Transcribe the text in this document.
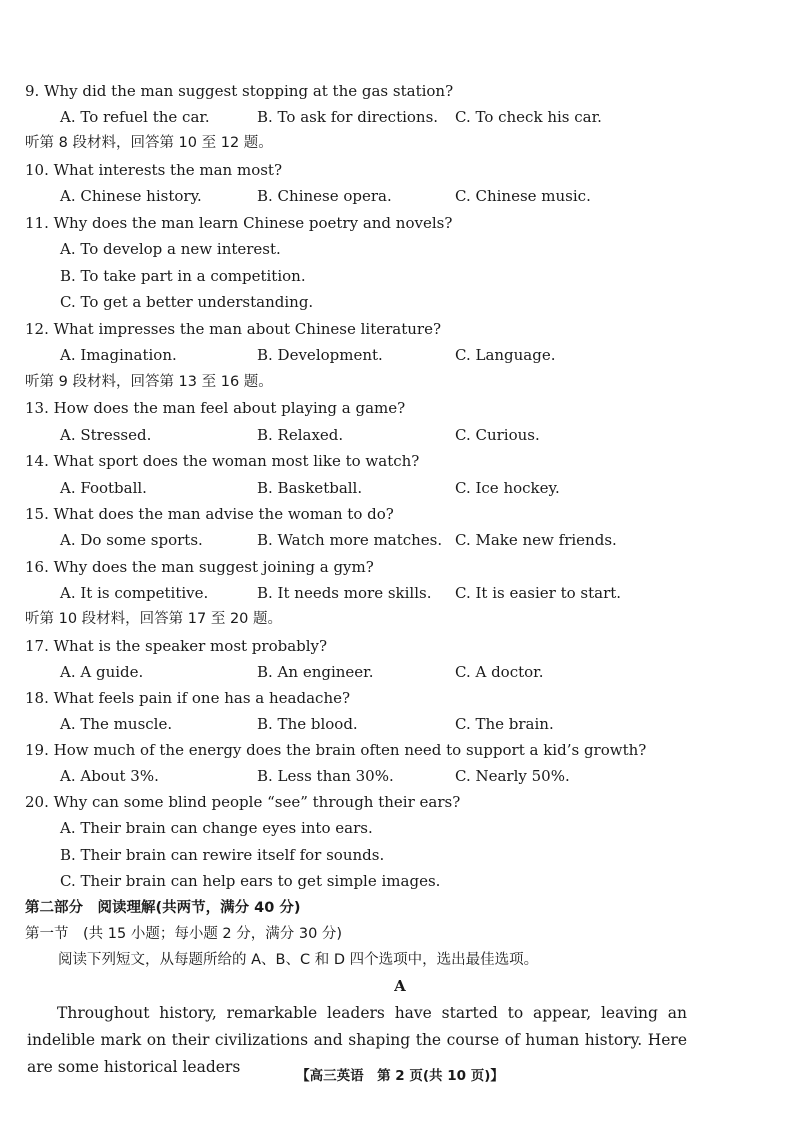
9. Why did the man suggest stopping at the gas station?
A. To refuel the car.	B. To ask for directions. C. To check his car.
听第 8 段材料，回答第 10 至 12 题。
10. What interests the man most?
A. Chinese history.	B. Chinese opera.	C. Chinese music.
11. Why does the man learn Chinese poetry and novels?
A. To develop a new interest.
B. To take part in a competition.
C. To get a better understanding.
12. What impresses the man about Chinese literature?
A. Imagination.	B. Development.	C. Language.
听第 9 段材料，回答第 13 至 16 题。
13. How does the man feel about playing a game?
A. Stressed.	B. Relaxed.	C. Curious.
14. What sport does the woman most like to watch?
A. Football.	B. Basketball.	C. Ice hockey.
15. What does the man advise the woman to do?
A. Do some sports.	B. Watch more matches. C. Make new friends.
16. Why does the man suggest joining a gym?
A. It is competitive.	B. It needs more skills. C. It is easier to start.
听第 10 段材料，回答第 17 至 20 题。
17. What is the speaker most probably?
A. A guide.	B. An engineer.	C. A doctor.
18. What feels pain if one has a headache?
A. The muscle.	B. The blood.	C. The brain.
19. How much of the energy does the brain often need to support a kid’s growth?
A. About 3%.	B. Less than 30%.	C. Nearly 50%.
20. Why can some blind people “see” through their ears?
A. Their brain can change eyes into ears.
B. Their brain can rewire itself for sounds.
C. Their brain can help ears to get simple images.
第二部分　阅读理解(共两节，满分 40 分)
第一节　(共 15 小题；每小题 2 分，满分 30 分)
阅读下列短文，从每题所给的 A、B、C 和 D 四个选项中，选出最佳选项。
A
Throughout history, remarkable leaders have started to appear, leaving an indelible mark on their civilizations and shaping the course of human history. Here are some historical leaders	【高三英语　第 2 页(共 10 页)】
